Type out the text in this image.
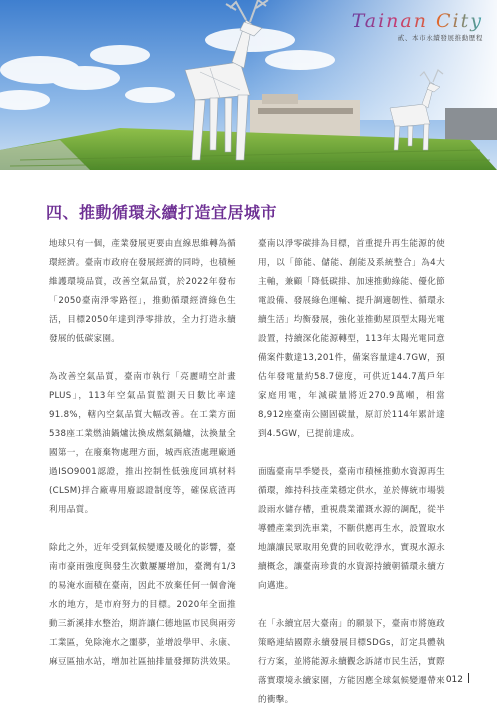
Tainan City
貳、本市永續發展推動歷程
四、推動循環永續打造宜居城市

地球只有一個，產業發展更要由直線思維轉為循環經濟。臺南市政府在發展經濟的同時，也積極維護環境品質，改善空氣品質，於2022年發布「2050臺南淨零路徑」，推動循環經濟綠色生活，目標2050年達到淨零排放，全力打造永續發展的低碳家園。

為改善空氣品質，臺南市執行「亮麗晴空計畫PLUS」，113年空氣品質監測天日數比率達91.8%，轄內空氣品質大幅改善。在工業方面538座工業燃油鍋爐汰換成燃氣鍋爐，汰換量全國第一，在廢棄物處理方面，城西底渣處理廠通過ISO9001認證，推出控制性低強度回填材料(CLSM)拌合廠專用廢認證制度等，確保底渣再利用品質。

除此之外，近年受到氣候變遷及暖化的影響，臺南市豪雨強度與發生次數屢屢增加，臺灣有1/3的易淹水面積在臺南，因此不放棄任何一個會淹水的地方，是市府努力的目標。2020年全面推動三新溪排水整治，期許讓仁德地區市民與兩旁工業區，免除淹水之噩夢，並增設學甲、永康、麻豆區抽水站，增加社區抽排量發揮防洪效果。

臺南以淨零碳排為目標，首重提升再生能源的使用，以「節能、儲能、創能及系統整合」為4大主軸，兼顧「降低碳排、加速推動綠能、優化節電設備、發展綠色運輸、提升調適韌性、循環永續生活」均衡發展，強化並推動屋頂型太陽光電設置，持續深化能源轉型，113年太陽光電同意備案件數達13,201件，備案容量達4.7GW，預估年發電量約58.7億度，可供近144.7萬戶年家庭用電，年減碳量將近270.9萬噸，相當8,912座臺南公園固碳量，原訂於114年累計達到4.5GW，已提前達成。

面臨臺南旱季變長，臺南市積極推動水資源再生循環，維持科技產業穩定供水，並於傳統市場裝設雨水儲存槽，重視農業灌溉水源的調配，從半導體產業到洗車業，不斷供應再生水，設置取水地讓讓民眾取用免費的回收乾淨水，實現水源永續概念，讓臺南珍貴的水資源持續朝循環永續方向邁進。

在「永續宜居大臺南」的願景下，臺南市將施政策略連結國際永續發展目標SDGs，訂定具體執行方案，並將能源永續觀念訴諸市民生活，實際落實環境永續家園，方能因應全球氣候變遷帶來的衝擊。

012
